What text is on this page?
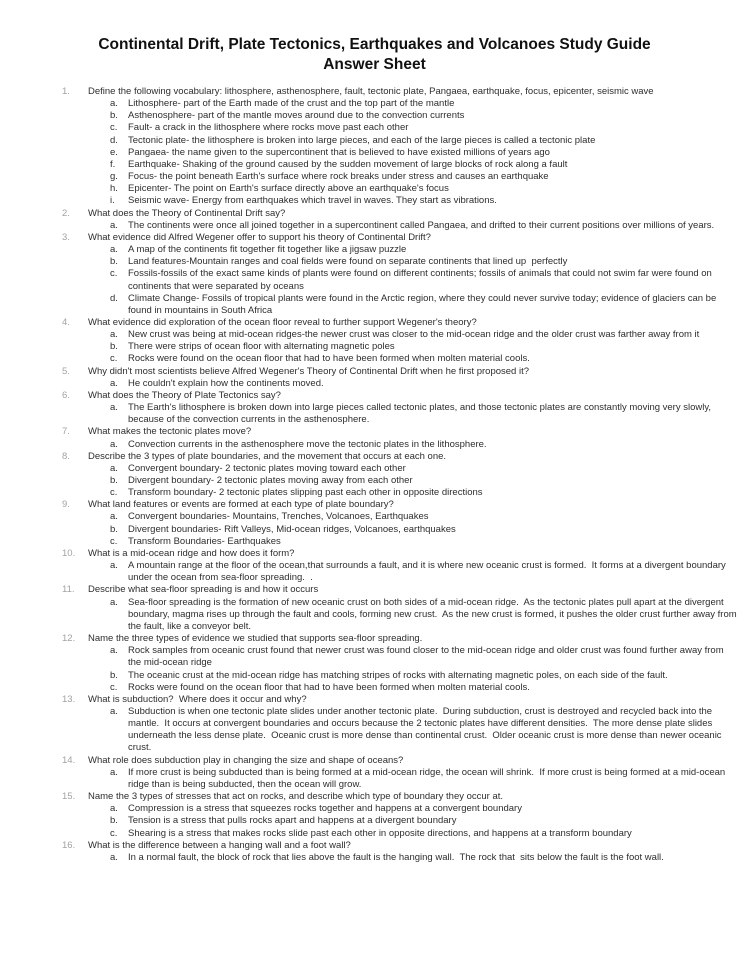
Continental Drift, Plate Tectonics, Earthquakes and Volcanoes Study Guide
Answer Sheet
1.	Define the following vocabulary: lithosphere, asthenosphere, fault, tectonic plate, Pangaea, earthquake, focus, epicenter, seismic wave
a.	Lithosphere- part of the Earth made of the crust and the top part of the mantle
b.	Asthenosphere- part of the mantle moves around due to the convection currents
c.	Fault- a crack in the lithosphere where rocks move past each other
d.	Tectonic plate- the lithosphere is broken into large pieces, and each of the large pieces is called a tectonic plate
e.	Pangaea- the name given to the supercontinent that is believed to have existed millions of years ago
f.	Earthquake- Shaking of the ground caused by the sudden movement of large blocks of rock along a fault
g.	Focus- the point beneath Earth's surface where rock breaks under stress and causes an earthquake
h.	Epicenter- The point on Earth's surface directly above an earthquake's focus
i.	Seismic wave- Energy from earthquakes which travel in waves. They start as vibrations.
2.	What does the Theory of Continental Drift say?
a.	The continents were once all joined together in a supercontinent called Pangaea, and drifted to their current positions over millions of years.
3.	What evidence did Alfred Wegener offer to support his theory of Continental Drift?
a.	A map of the continents fit together fit together like a jigsaw puzzle
b.	Land features-Mountain ranges and coal fields were found on separate continents that lined up  perfectly
c.	Fossils-fossils of the exact same kinds of plants were found on different continents; fossils of animals that could not swim far were found on continents that were separated by oceans
d.	Climate Change- Fossils of tropical plants were found in the Arctic region, where they could never survive today; evidence of glaciers can be found in mountains in South Africa
4.	What evidence did exploration of the ocean floor reveal to further support Wegener's theory?
a.	New crust was being at mid-ocean ridges-the newer crust was closer to the mid-ocean ridge and the older crust was farther away from it
b.	There were strips of ocean floor with alternating magnetic poles
c.	Rocks were found on the ocean floor that had to have been formed when molten material cools.
5.	Why didn't most scientists believe Alfred Wegener's Theory of Continental Drift when he first proposed it?
a.	He couldn't explain how the continents moved.
6.	What does the Theory of Plate Tectonics say?
a.	The Earth's lithosphere is broken down into large pieces called tectonic plates, and those tectonic plates are constantly moving very slowly, because of the convection currents in the asthenosphere.
7.	What makes the tectonic plates move?
a.	Convection currents in the asthenosphere move the tectonic plates in the lithosphere.
8.	Describe the 3 types of plate boundaries, and the movement that occurs at each one.
a.	Convergent boundary- 2 tectonic plates moving toward each other
b.	Divergent boundary- 2 tectonic plates moving away from each other
c.	Transform boundary- 2 tectonic plates slipping past each other in opposite directions
9.	What land features or events are formed at each type of plate boundary?
a.	Convergent boundaries- Mountains, Trenches, Volcanoes, Earthquakes
b.	Divergent boundaries- Rift Valleys, Mid-ocean ridges, Volcanoes, earthquakes
c.	Transform Boundaries- Earthquakes
10.	What is a mid-ocean ridge and how does it form?
a.	A mountain range at the floor of the ocean,that surrounds a fault, and it is where new oceanic crust is formed.  It forms at a divergent boundary  under the ocean from sea-floor spreading.  .
11.	Describe what sea-floor spreading is and how it occurs
a.	Sea-floor spreading is the formation of new oceanic crust on both sides of a mid-ocean ridge.  As the tectonic plates pull apart at the divergent boundary, magma rises up through the fault and cools, forming new crust.  As the new crust is formed, it pushes the older crust further away from the fault, like a conveyor belt.
12.	Name the three types of evidence we studied that supports sea-floor spreading.
a.	Rock samples from oceanic crust found that newer crust was found closer to the mid-ocean ridge and older crust was found further away from the mid-ocean ridge
b.	The oceanic crust at the mid-ocean ridge has matching stripes of rocks with alternating magnetic poles, on each side of the fault.
c.	Rocks were found on the ocean floor that had to have been formed when molten material cools.
13.	What is subduction?  Where does it occur and why?
a.	Subduction is when one tectonic plate slides under another tectonic plate.  During subduction, crust is destroyed and recycled back into the mantle.  It occurs at convergent boundaries and occurs because the 2 tectonic plates have different densities.  The more dense plate slides underneath the less dense plate.  Oceanic crust is more dense than continental crust.  Older oceanic crust is more dense than newer oceanic crust.
14.	What role does subduction play in changing the size and shape of oceans?
a.	If more crust is being subducted than is being formed at a mid-ocean ridge, the ocean will shrink.  If more crust is being formed at a mid-ocean ridge than is being subducted, then the ocean will grow.
15.	Name the 3 types of stresses that act on rocks, and describe which type of boundary they occur at.
a.	Compression is a stress that squeezes rocks together and happens at a convergent boundary
b.	Tension is a stress that pulls rocks apart and happens at a divergent boundary
c.	Shearing is a stress that makes rocks slide past each other in opposite directions, and happens at a transform boundary
16.	What is the difference between a hanging wall and a foot wall?
a.	In a normal fault, the block of rock that lies above the fault is the hanging wall.  The rock that  sits below the fault is the foot wall.
